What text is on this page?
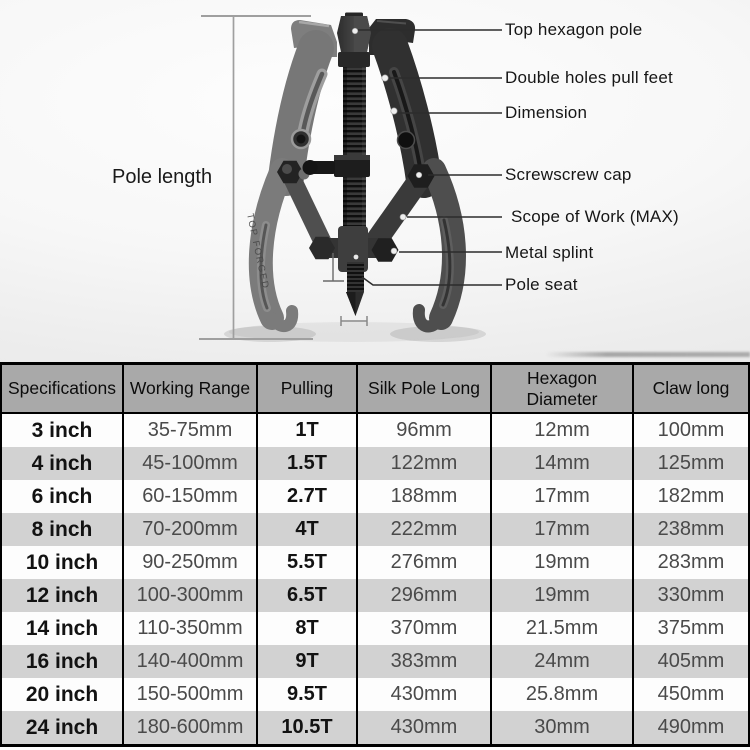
TOP FORGED
Pole length
Top hexagon pole
Double holes pull feet
Dimension
Screwscrew cap
Scope of Work (MAX)
Metal splint
Pole seat
Specifications	Working Range	Pulling	Silk Pole Long	Hexagon Diameter	Claw long
3 inch	35-75mm	1T	96mm	12mm	100mm
4 inch	45-100mm	1.5T	122mm	14mm	125mm
6 inch	60-150mm	2.7T	188mm	17mm	182mm
8 inch	70-200mm	4T	222mm	17mm	238mm
10 inch	90-250mm	5.5T	276mm	19mm	283mm
12 inch	100-300mm	6.5T	296mm	19mm	330mm
14 inch	110-350mm	8T	370mm	21.5mm	375mm
16 inch	140-400mm	9T	383mm	24mm	405mm
20 inch	150-500mm	9.5T	430mm	25.8mm	450mm
24 inch	180-600mm	10.5T	430mm	30mm	490mm
